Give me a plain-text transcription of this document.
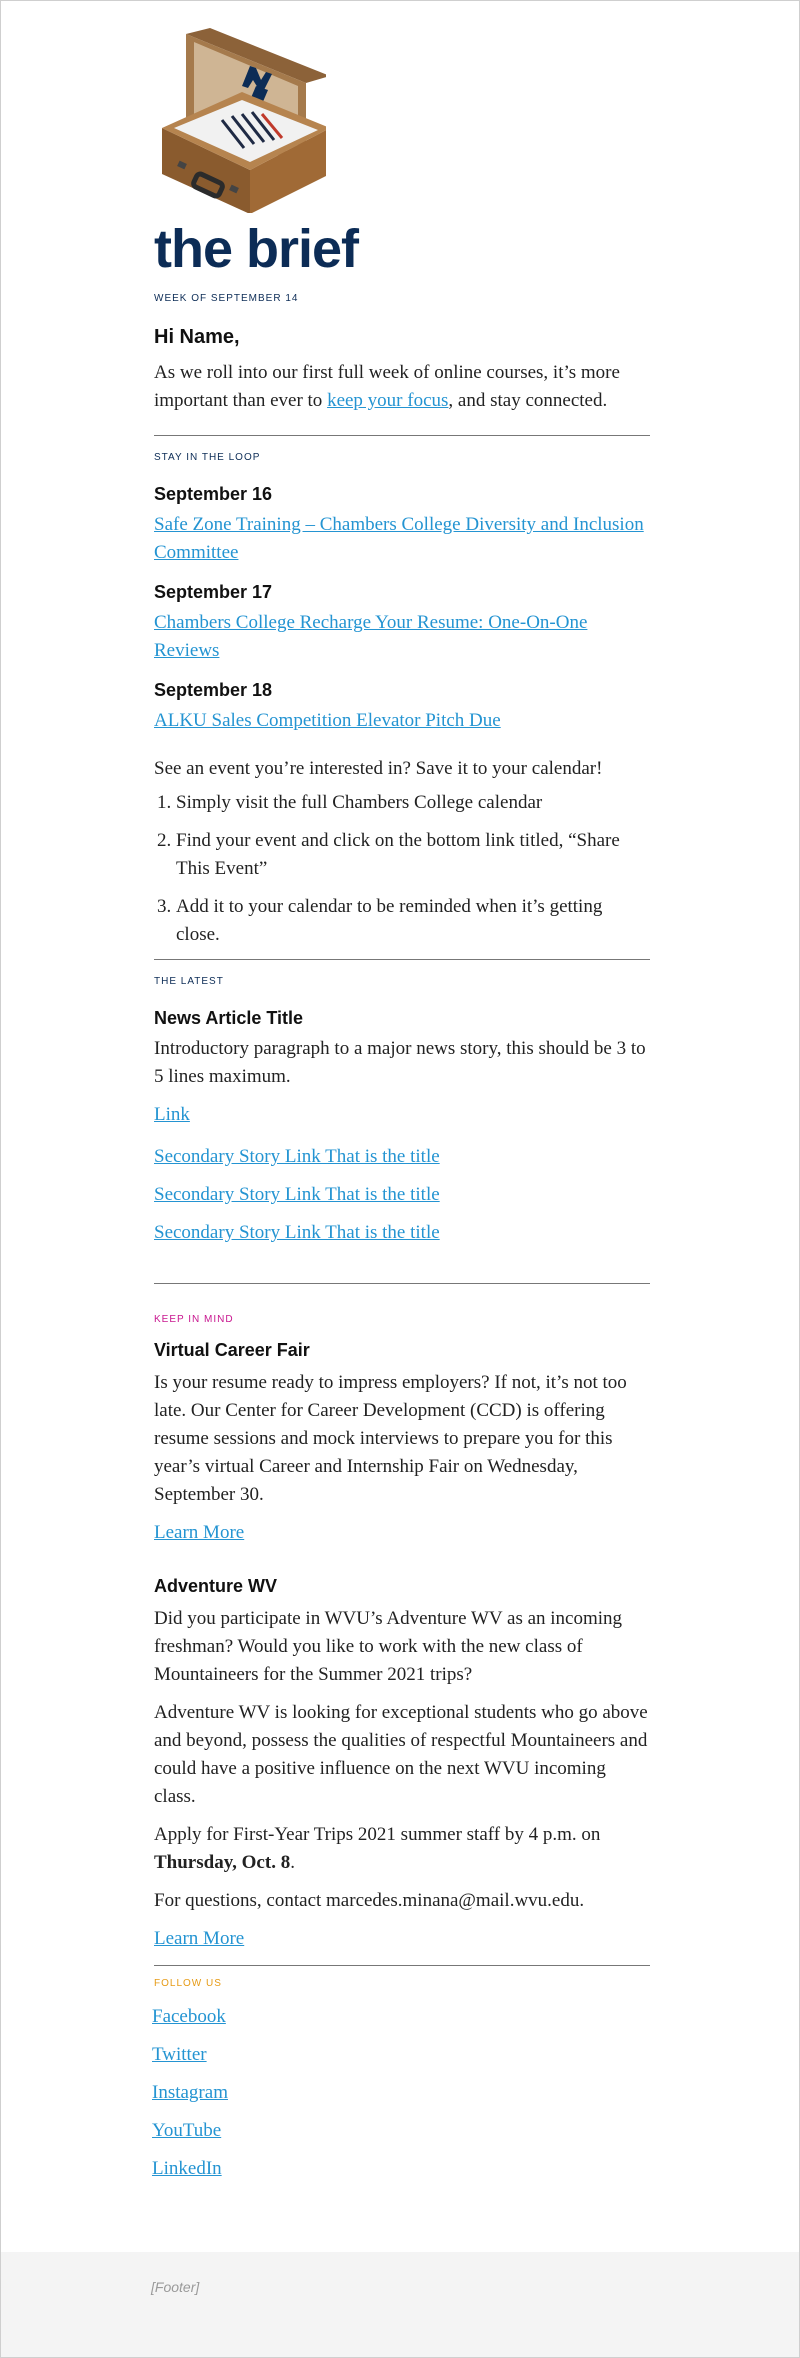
the brief
WEEK OF SEPTEMBER 14
Hi Name,

As we roll into our first full week of online courses, it’s more important than ever to keep your focus, and stay connected.

STAY IN THE LOOP
September 16
Safe Zone Training – Chambers College Diversity and Inclusion Committee
September 17
Chambers College Recharge Your Resume: One-On-One Reviews
September 18
ALKU Sales Competition Elevator Pitch Due

See an event you’re interested in? Save it to your calendar!

1. Simply visit the full Chambers College calendar
2. Find your event and click on the bottom link titled, “Share This Event”
3. Add it to your calendar to be reminded when it’s getting close.
THE LATEST
News Article Title

Introductory paragraph to a major news story, this should be 3 to 5 lines maximum.

Link
Secondary Story Link That is the title
Secondary Story Link That is the title
Secondary Story Link That is the title
KEEP IN MIND
Virtual Career Fair

Is your resume ready to impress employers? If not, it’s not too late. Our Center for Career Development (CCD) is offering resume sessions and mock interviews to prepare you for this year’s virtual Career and Internship Fair on Wednesday, September 30.

Learn More
Adventure WV

Did you participate in WVU’s Adventure WV as an incoming freshman? Would you like to work with the new class of Mountaineers for the Summer 2021 trips?

Adventure WV is looking for exceptional students who go above and beyond, possess the qualities of respectful Mountaineers and could have a positive influence on the next WVU incoming class.

Apply for First-Year Trips 2021 summer staff by 4 p.m. on Thursday, Oct. 8.

For questions, contact marcedes.minana@mail.wvu.edu.

Learn More
FOLLOW US
Facebook
Twitter
Instagram
YouTube
LinkedIn
[Footer]
